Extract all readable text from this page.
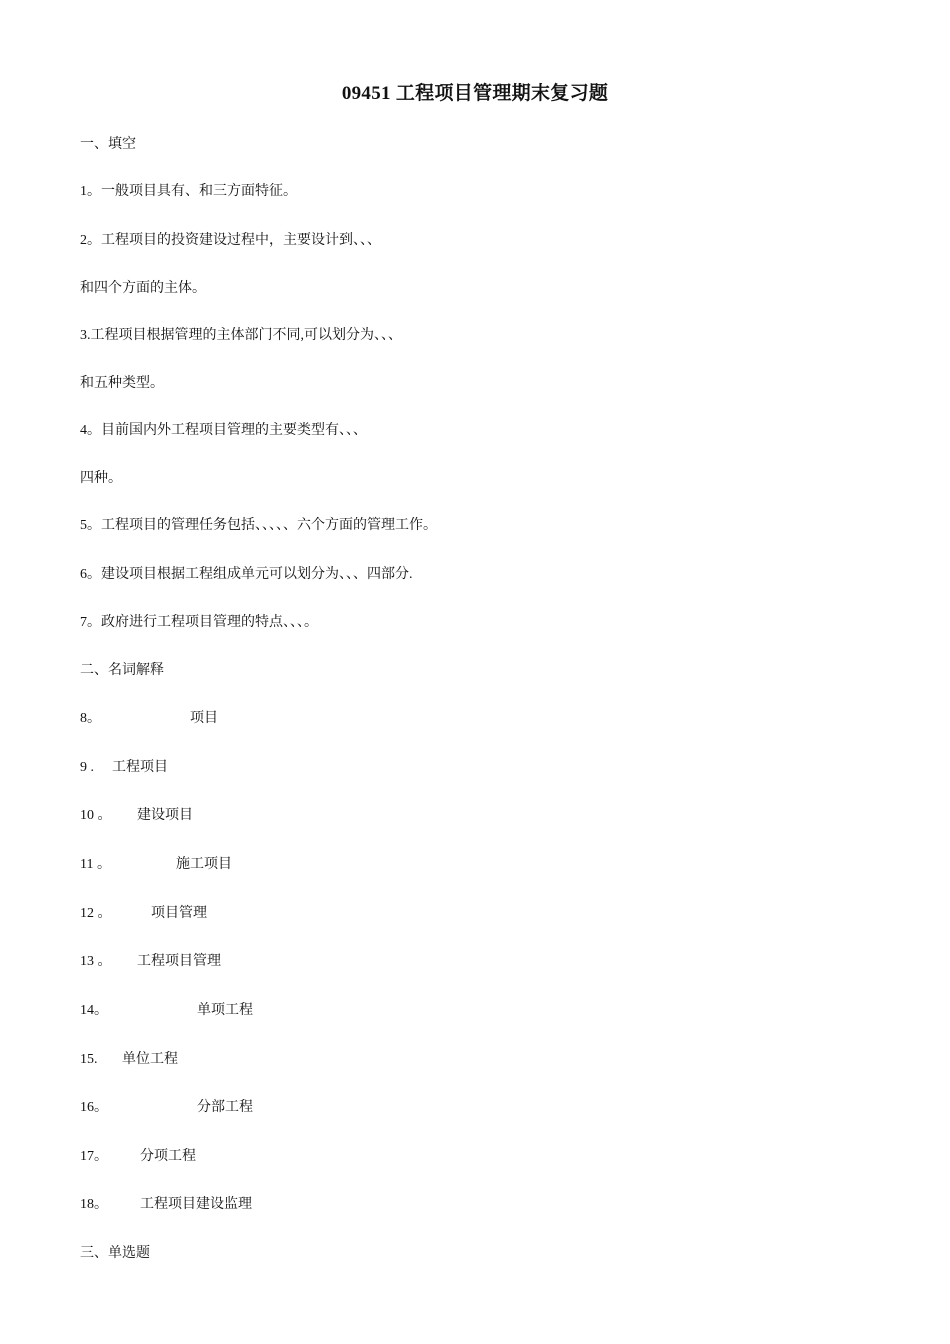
09451 工程项目管理期末复习题
一、填空
1。一般项目具有、和三方面特征。
2。工程项目的投资建设过程中，主要设计到、、、
和四个方面的主体。
3.工程项目根据管理的主体部门不同,可以划分为、、、
和五种类型。
4。目前国内外工程项目管理的主要类型有、、、
四种。
5。工程项目的管理任务包括、、、、、六个方面的管理工作。
6。建设项目根据工程组成单元可以划分为、、、四部分.
7。政府进行工程项目管理的特点、、、。
二、名词解释
8。	项目
9 . 工程项目
10 。 建设项目
11 。	施工项目
12 。	项目管理
13 。 工程项目管理
14。	单项工程
15. 单位工程
16。	分部工程
17。 分项工程
18。 工程项目建设监理
三、单选题
